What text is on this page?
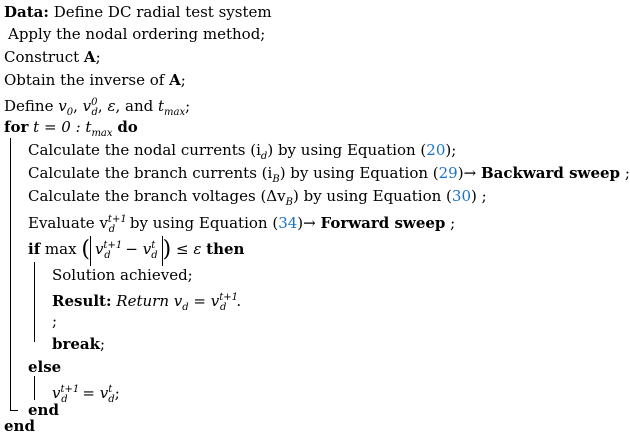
Data: Define DC radial test system
Apply the nodal ordering method;
Construct A;
Obtain the inverse of A;
Define $v_0$, $v^0_d$, ε, and $t_{max}$;
for t = 0 : $t_{max}$ do
Calculate the nodal currents $(i_d)$ by using Equation (20);
Calculate the branch currents $(i_B)$ by using Equation (29)→ Backward sweep ;
Calculate the branch voltages $(\Delta v_B)$ by using Equation (30) ;
Evaluate $v^{t+1}_d$ by using Equation (34)→ Forward sweep ;
if max ( $v^{t+1}_d - v^t_d$ ) ≤ ε then
Solution achieved;
Result: Return $v_d = v^{t+1}_d$ .
;
break;
else
$v^{t+1}_d = v^t_d$;
end
end
